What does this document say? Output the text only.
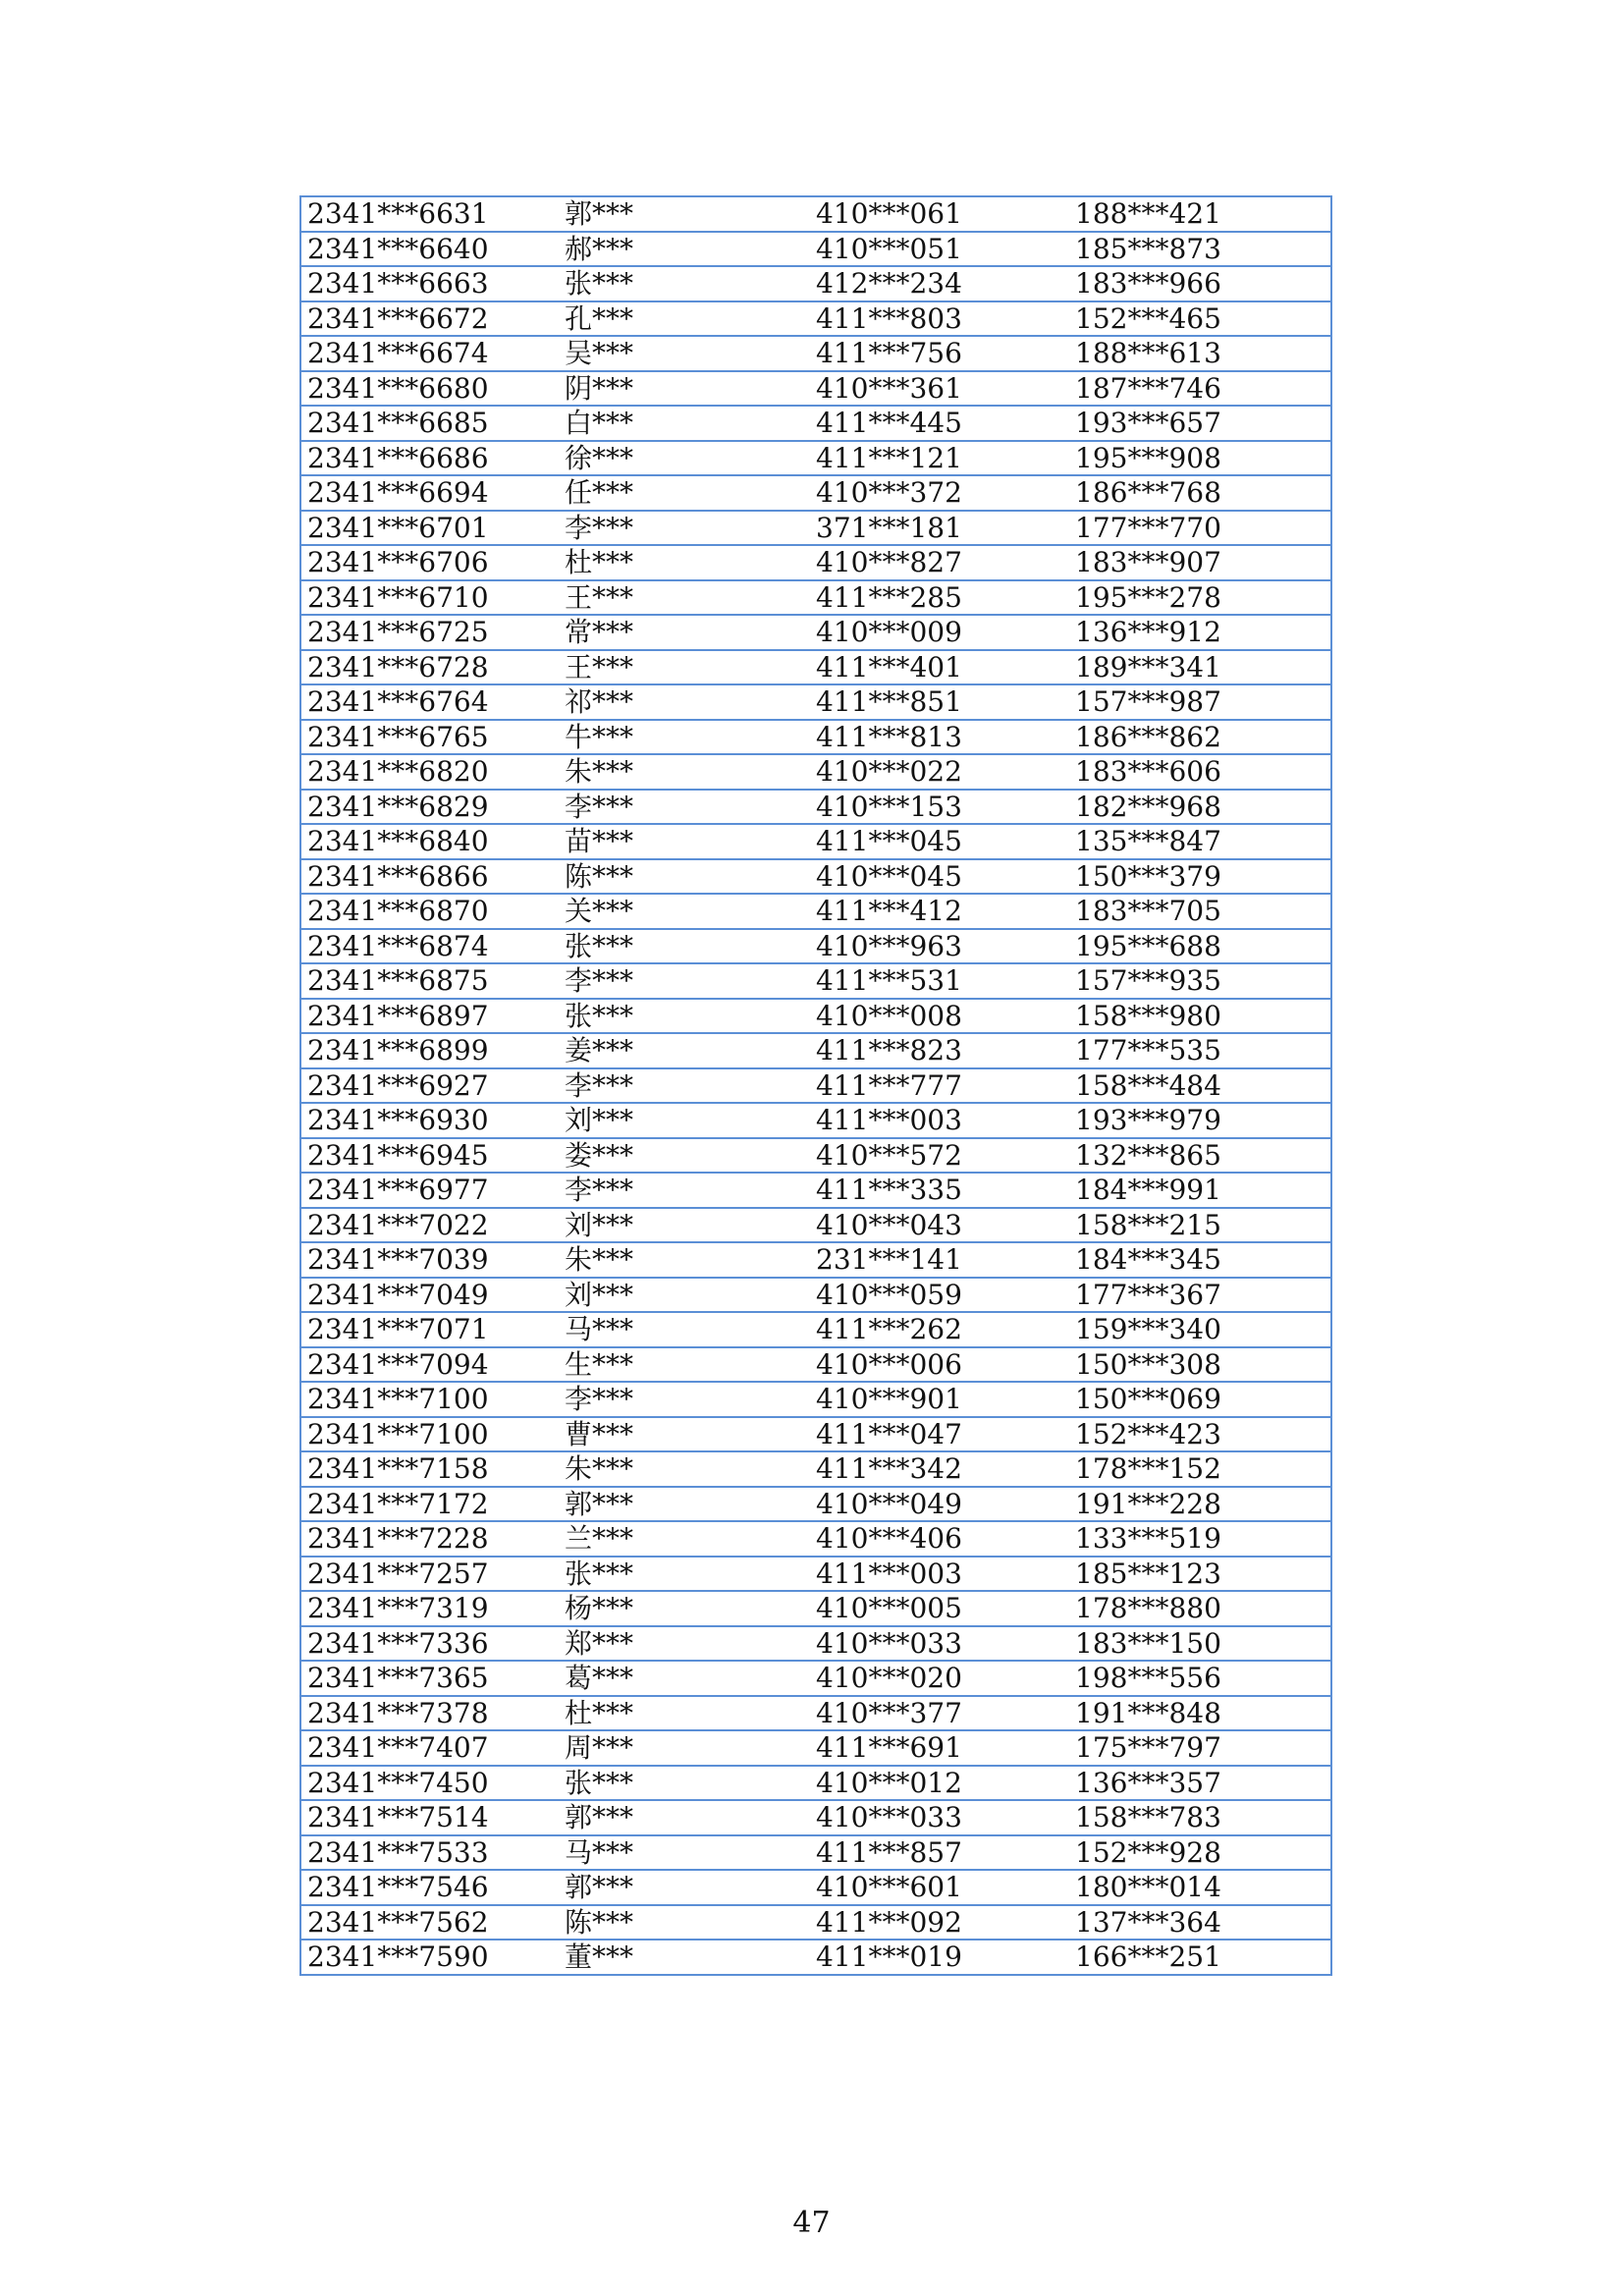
2341***6631	郭***	410***061	188***421
2341***6640	郝***	410***051	185***873
2341***6663	张***	412***234	183***966
2341***6672	孔***	411***803	152***465
2341***6674	吴***	411***756	188***613
2341***6680	阴***	410***361	187***746
2341***6685	白***	411***445	193***657
2341***6686	徐***	411***121	195***908
2341***6694	任***	410***372	186***768
2341***6701	李***	371***181	177***770
2341***6706	杜***	410***827	183***907
2341***6710	王***	411***285	195***278
2341***6725	常***	410***009	136***912
2341***6728	王***	411***401	189***341
2341***6764	祁***	411***851	157***987
2341***6765	牛***	411***813	186***862
2341***6820	朱***	410***022	183***606
2341***6829	李***	410***153	182***968
2341***6840	苗***	411***045	135***847
2341***6866	陈***	410***045	150***379
2341***6870	关***	411***412	183***705
2341***6874	张***	410***963	195***688
2341***6875	李***	411***531	157***935
2341***6897	张***	410***008	158***980
2341***6899	姜***	411***823	177***535
2341***6927	李***	411***777	158***484
2341***6930	刘***	411***003	193***979
2341***6945	娄***	410***572	132***865
2341***6977	李***	411***335	184***991
2341***7022	刘***	410***043	158***215
2341***7039	朱***	231***141	184***345
2341***7049	刘***	410***059	177***367
2341***7071	马***	411***262	159***340
2341***7094	生***	410***006	150***308
2341***7100	李***	410***901	150***069
2341***7100	曹***	411***047	152***423
2341***7158	朱***	411***342	178***152
2341***7172	郭***	410***049	191***228
2341***7228	兰***	410***406	133***519
2341***7257	张***	411***003	185***123
2341***7319	杨***	410***005	178***880
2341***7336	郑***	410***033	183***150
2341***7365	葛***	410***020	198***556
2341***7378	杜***	410***377	191***848
2341***7407	周***	411***691	175***797
2341***7450	张***	410***012	136***357
2341***7514	郭***	410***033	158***783
2341***7533	马***	411***857	152***928
2341***7546	郭***	410***601	180***014
2341***7562	陈***	411***092	137***364
2341***7590	董***	411***019	166***251
47
